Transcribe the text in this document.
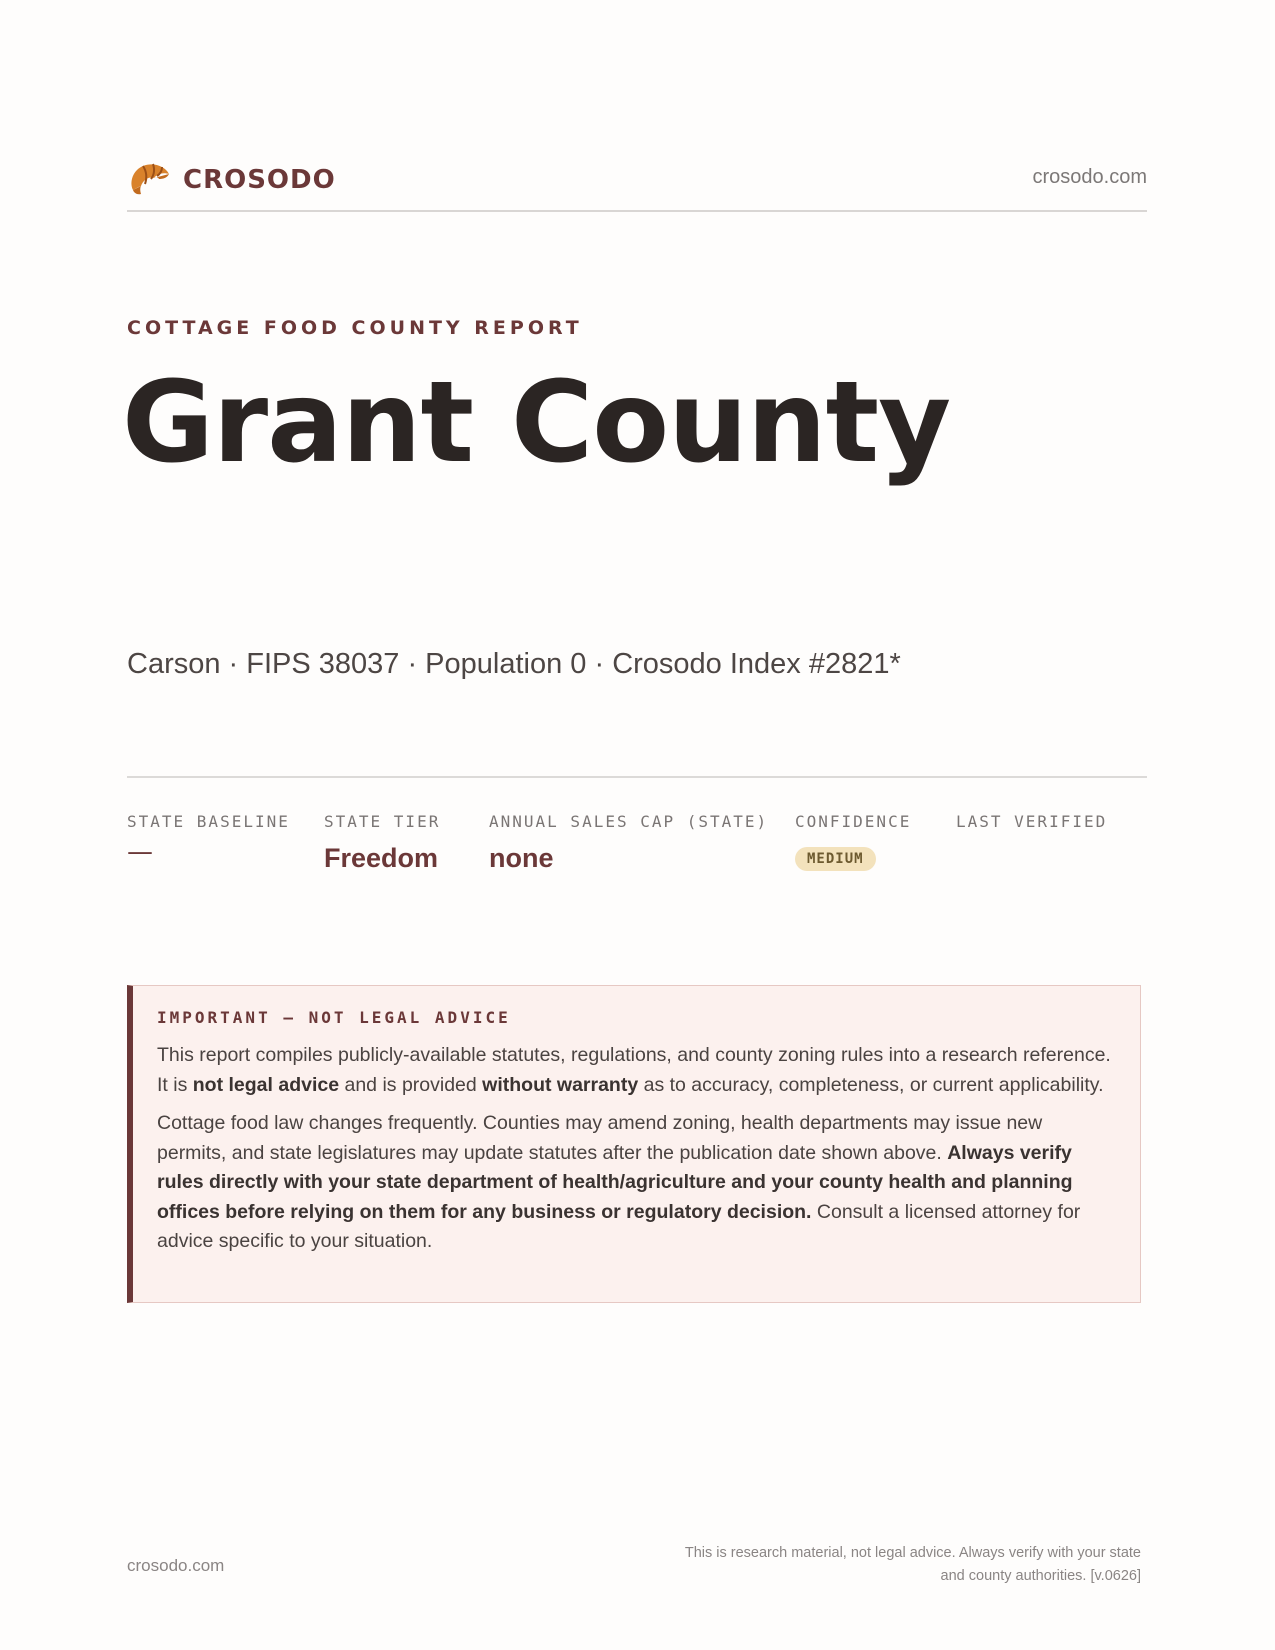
CROSODO	crosodo.com
COTTAGE FOOD COUNTY REPORT
Grant County
Carson · FIPS 38037 · Population 0 · Crosodo Index #2821*
STATE BASELINE
—
STATE TIER
Freedom
ANNUAL SALES CAP (STATE)
none
CONFIDENCE
MEDIUM
LAST VERIFIED
IMPORTANT — NOT LEGAL ADVICE

This report compiles publicly-available statutes, regulations, and county zoning rules into a research reference. It is not legal advice and is provided without warranty as to accuracy, completeness, or current applicability.

Cottage food law changes frequently. Counties may amend zoning, health departments may issue new permits, and state legislatures may update statutes after the publication date shown above. Always verify rules directly with your state department of health/agriculture and your county health and planning offices before relying on them for any business or regulatory decision. Consult a licensed attorney for advice specific to your situation.

crosodo.com
This is research material, not legal advice. Always verify with your state
and county authorities. [v.0626]
